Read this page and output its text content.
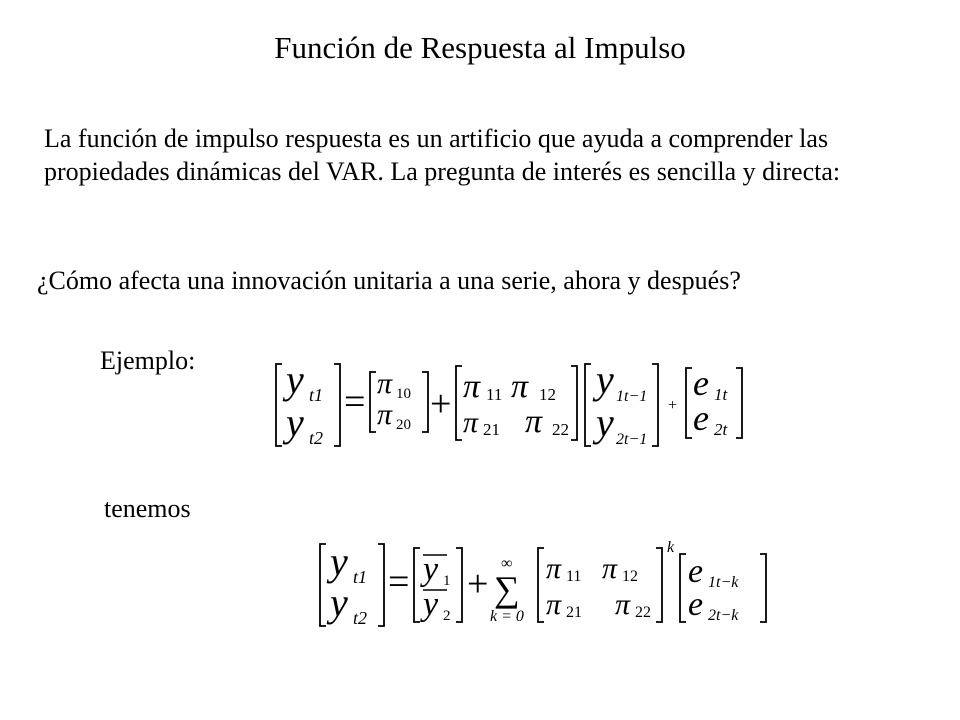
Función de Respuesta al Impulso
La función de impulso respuesta es un artificio que ayuda a comprender las propiedades dinámicas del VAR. La pregunta de interés es sencilla y directa:
¿Cómo afecta una innovación unitaria a una serie, ahora y después?
Ejemplo:
tenemos
y t1
y t2
= π 10
π 20 + π 11 π 12
π 21 π 22
y 1t−1
y 2t−1
+
e 1t
e 2t
y t1
y t2
= y 1
y 2
+ ∞
∑
k = 0
π 11 π 12
π 21 π 22
k
e 1t−k
e 2t−k
